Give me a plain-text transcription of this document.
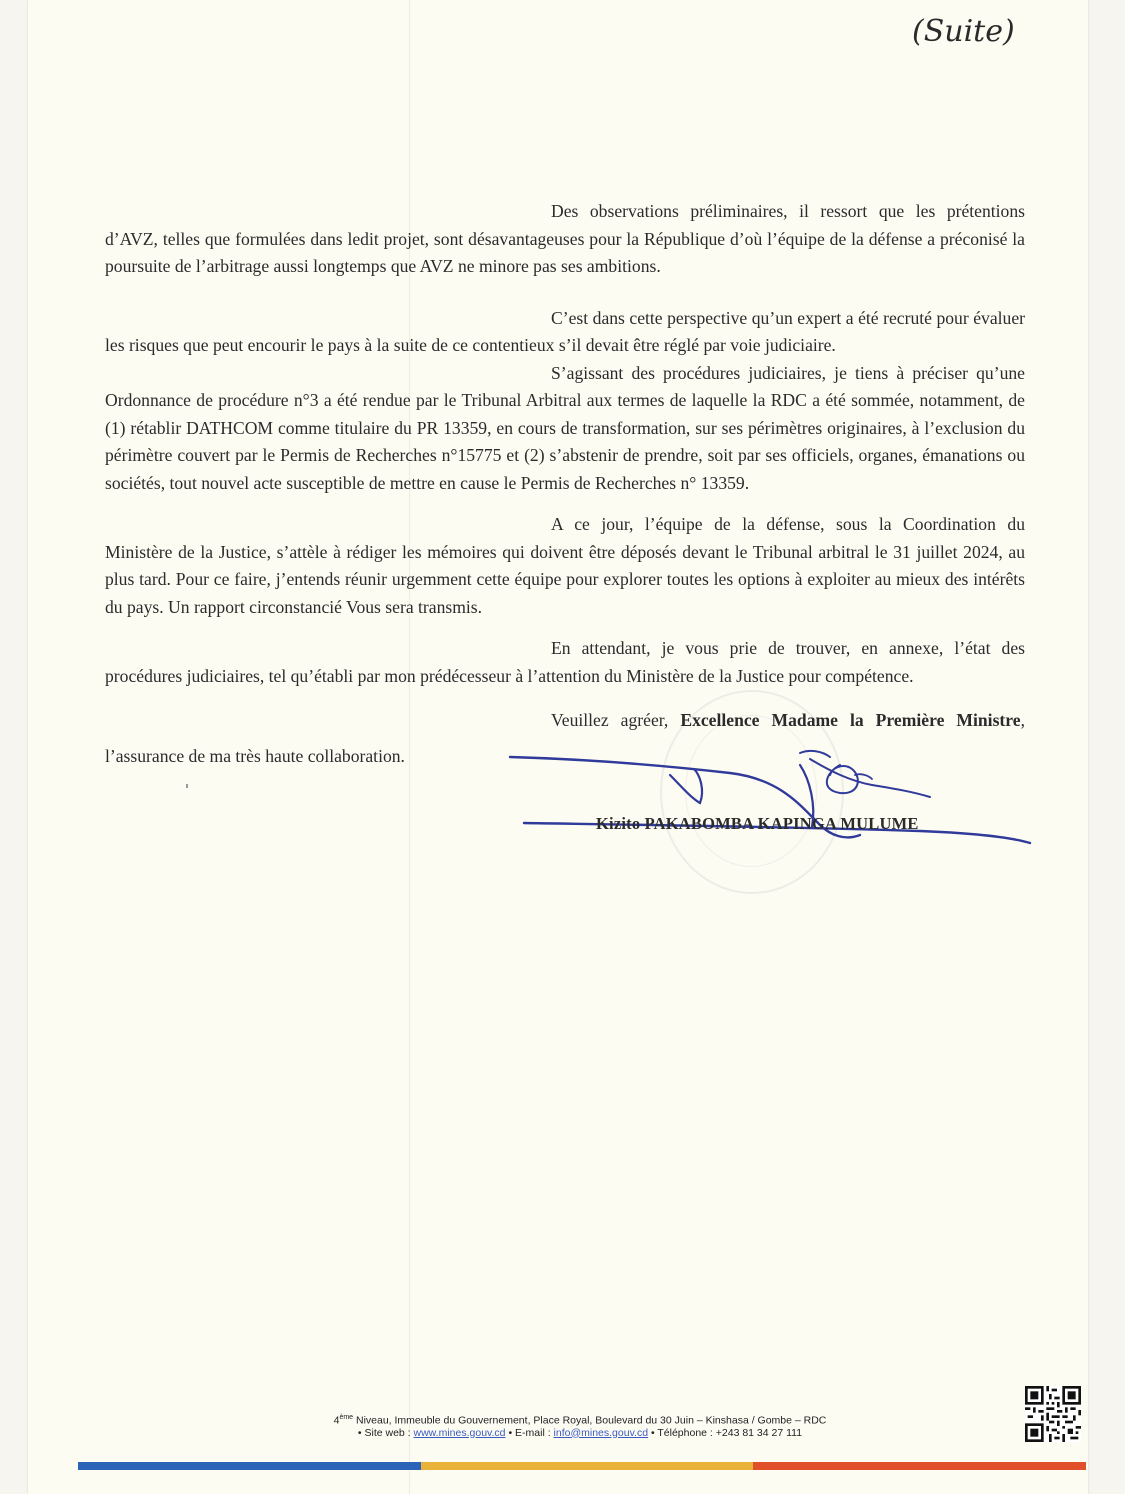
(Suite)

Des observations préliminaires, il ressort que les prétentions d’AVZ, telles que formulées dans ledit projet, sont désavantageuses pour la République d’où l’équipe de la défense a préconisé la poursuite de l’arbitrage aussi longtemps que AVZ ne minore pas ses ambitions.

C’est dans cette perspective qu’un expert a été recruté pour évaluer les risques que peut encourir le pays à la suite de ce contentieux s’il devait être réglé par voie judiciaire.

S’agissant des procédures judiciaires, je tiens à préciser qu’une Ordonnance de procédure n°3 a été rendue par le Tribunal Arbitral aux termes de laquelle la RDC a été sommée, notamment, de (1) rétablir DATHCOM comme titulaire du PR 13359, en cours de transformation, sur ses périmètres originaires, à l’exclusion du périmètre couvert par le Permis de Recherches n°15775 et (2) s’abstenir de prendre, soit par ses officiels, organes, émanations ou sociétés, tout nouvel acte susceptible de mettre en cause le Permis de Recherches n° 13359.

A ce jour, l’équipe de la défense, sous la Coordination du Ministère de la Justice, s’attèle à rédiger les mémoires qui doivent être déposés devant le Tribunal arbitral le 31 juillet 2024, au plus tard. Pour ce faire, j’entends réunir urgemment cette équipe pour explorer toutes les options à exploiter au mieux des intérêts du pays. Un rapport circonstancié Vous sera transmis.

En attendant, je vous prie de trouver, en annexe, l’état des procédures judiciaires, tel qu’établi par mon prédécesseur à l’attention du Ministère de la Justice pour compétence.

Veuillez agréer, Excellence Madame la Première Ministre, l’assurance de ma très haute collaboration.

Kizito PAKABOMBA KAPINGA MULUME
4ème Niveau, Immeuble du Gouvernement, Place Royal, Boulevard du 30 Juin – Kinshasa / Gombe – RDC
• Site web : www.mines.gouv.cd • E-mail : info@mines.gouv.cd • Téléphone : +243 81 34 27 111
